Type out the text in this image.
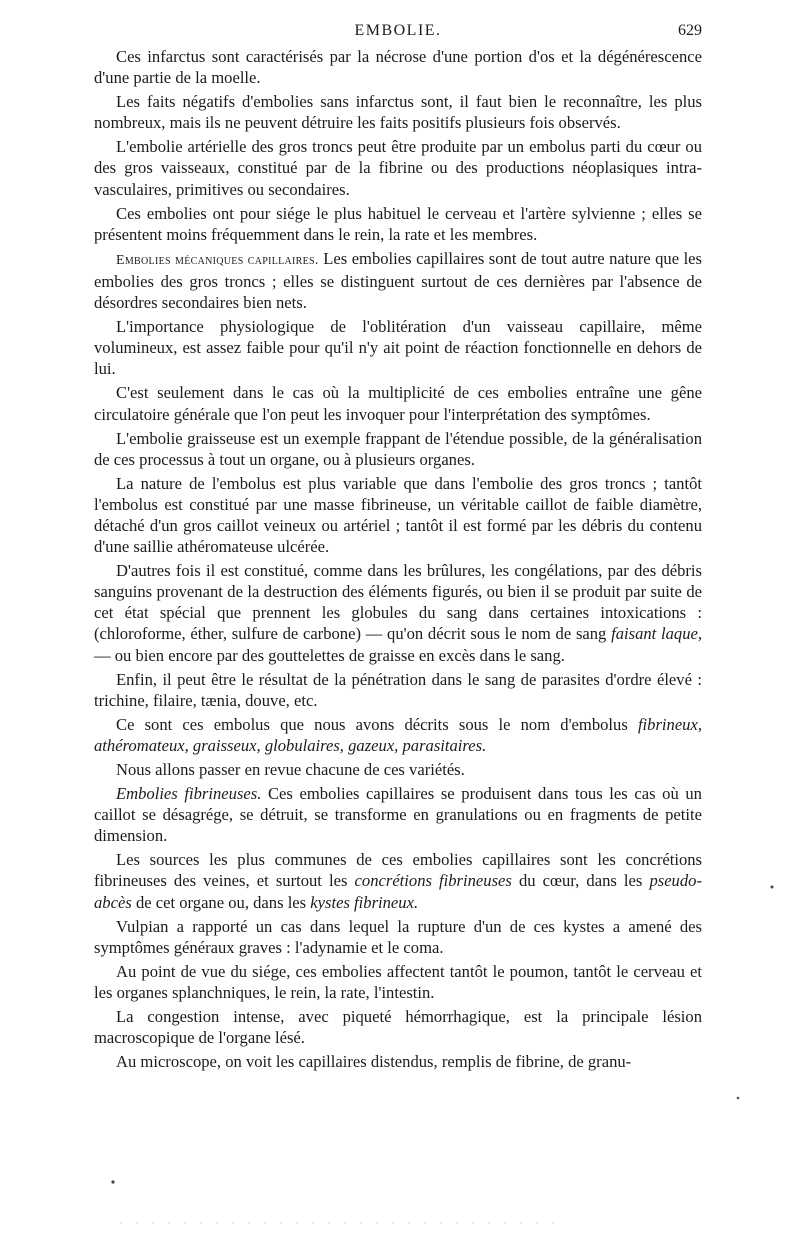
EMBOLIE.	629

Ces infarctus sont caractérisés par la nécrose d'une portion d'os et la dégénérescence d'une partie de la moelle.

Les faits négatifs d'embolies sans infarctus sont, il faut bien le reconnaître, les plus nombreux, mais ils ne peuvent détruire les faits positifs plusieurs fois observés.

L'embolie artérielle des gros troncs peut être produite par un embolus parti du cœur ou des gros vaisseaux, constitué par de la fibrine ou des productions néoplasiques intra-vasculaires, primitives ou secondaires.

Ces embolies ont pour siége le plus habituel le cerveau et l'artère sylvienne ; elles se présentent moins fréquemment dans le rein, la rate et les membres.

Embolies mécaniques capillaires. Les embolies capillaires sont de tout autre nature que les embolies des gros troncs ; elles se distinguent surtout de ces dernières par l'absence de désordres secondaires bien nets.

L'importance physiologique de l'oblitération d'un vaisseau capillaire, même volumineux, est assez faible pour qu'il n'y ait point de réaction fonctionnelle en dehors de lui.

C'est seulement dans le cas où la multiplicité de ces embolies entraîne une gêne circulatoire générale que l'on peut les invoquer pour l'interprétation des symptômes.

L'embolie graisseuse est un exemple frappant de l'étendue possible, de la généralisation de ces processus à tout un organe, ou à plusieurs organes.

La nature de l'embolus est plus variable que dans l'embolie des gros troncs ; tantôt l'embolus est constitué par une masse fibrineuse, un véritable caillot de faible diamètre, détaché d'un gros caillot veineux ou artériel ; tantôt il est formé par les débris du contenu d'une saillie athéromateuse ulcérée.

D'autres fois il est constitué, comme dans les brûlures, les congélations, par des débris sanguins provenant de la destruction des éléments figurés, ou bien il se produit par suite de cet état spécial que prennent les globules du sang dans certaines intoxications : (chloroforme, éther, sulfure de carbone) — qu'on décrit sous le nom de sang faisant laque, — ou bien encore par des gouttelettes de graisse en excès dans le sang.

Enfin, il peut être le résultat de la pénétration dans le sang de parasites d'ordre élevé : trichine, filaire, tænia, douve, etc.

Ce sont ces embolus que nous avons décrits sous le nom d'embolus fibrineux, athéromateux, graisseux, globulaires, gazeux, parasitaires.

Nous allons passer en revue chacune de ces variétés.

Embolies fibrineuses. Ces embolies capillaires se produisent dans tous les cas où un caillot se désagrége, se détruit, se transforme en granulations ou en fragments de petite dimension.

Les sources les plus communes de ces embolies capillaires sont les concrétions fibrineuses des veines, et surtout les concrétions fibrineuses du cœur, dans les pseudo-abcès de cet organe ou, dans les kystes fibrineux.

Vulpian a rapporté un cas dans lequel la rupture d'un de ces kystes a amené des symptômes généraux graves : l'adynamie et le coma.

Au point de vue du siége, ces embolies affectent tantôt le poumon, tantôt le cerveau et les organes splanchniques, le rein, la rate, l'intestin.

La congestion intense, avec piqueté hémorrhagique, est la principale lésion macroscopique de l'organe lésé.

Au microscope, on voit les capillaires distendus, remplis de fibrine, de granu-
